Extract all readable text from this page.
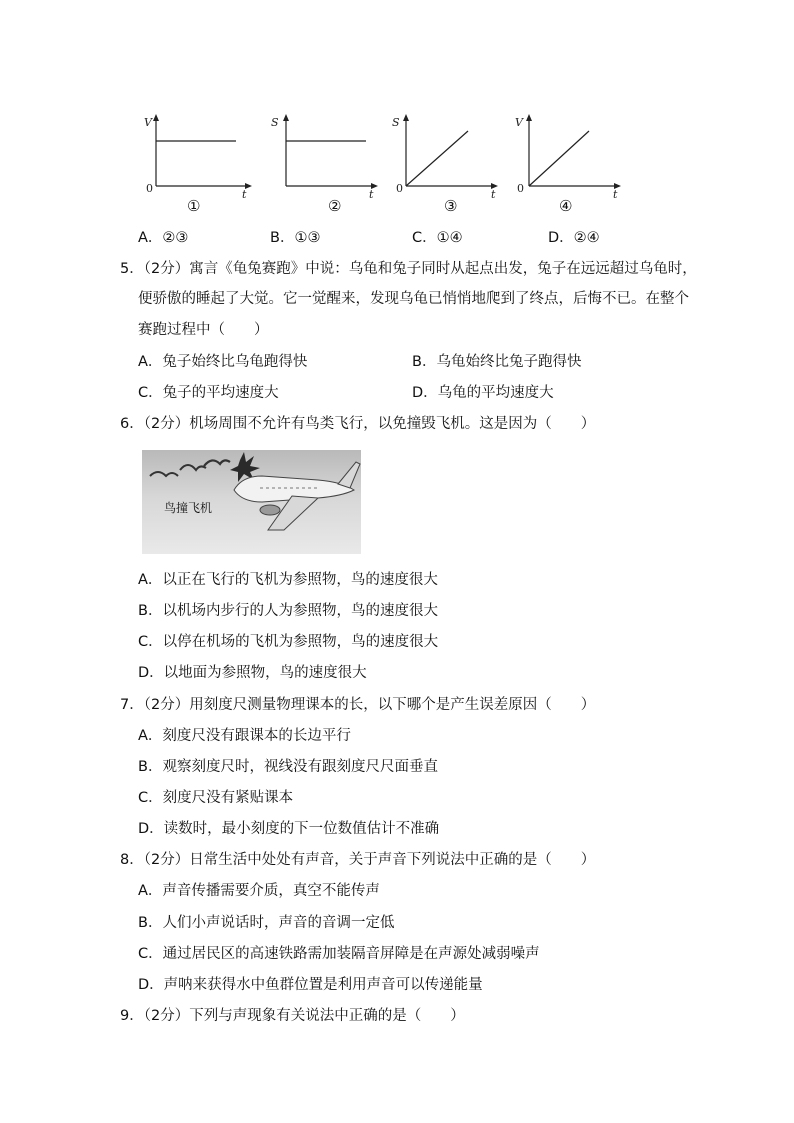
V
t
0
①
S
t
②
S
t
0
③
V
t
0
④
A．②③	B．①③	C．①④	D．②④
5．（2分）寓言《龟兔赛跑》中说：乌龟和兔子同时从起点出发，兔子在远远超过乌龟时，
便骄傲的睡起了大觉。它一觉醒来，发现乌龟已悄悄地爬到了终点，后悔不已。在整个
赛跑过程中（　　）
A．兔子始终比乌龟跑得快	B．乌龟始终比兔子跑得快
C．兔子的平均速度大	D．乌龟的平均速度大
6．（2分）机场周围不允许有鸟类飞行，以免撞毁飞机。这是因为（　　）
鸟撞飞机
A．以正在飞行的飞机为参照物，鸟的速度很大
B．以机场内步行的人为参照物，鸟的速度很大
C．以停在机场的飞机为参照物，鸟的速度很大
D．以地面为参照物，鸟的速度很大
7．（2分）用刻度尺测量物理课本的长，以下哪个是产生误差原因（　　）
A．刻度尺没有跟课本的长边平行
B．观察刻度尺时，视线没有跟刻度尺尺面垂直
C．刻度尺没有紧贴课本
D．读数时，最小刻度的下一位数值估计不准确
8．（2分）日常生活中处处有声音，关于声音下列说法中正确的是（　　）
A．声音传播需要介质，真空不能传声
B．人们小声说话时，声音的音调一定低
C．通过居民区的高速铁路需加装隔音屏障是在声源处减弱噪声
D．声呐来获得水中鱼群位置是利用声音可以传递能量
9．（2分）下列与声现象有关说法中正确的是（　　）
